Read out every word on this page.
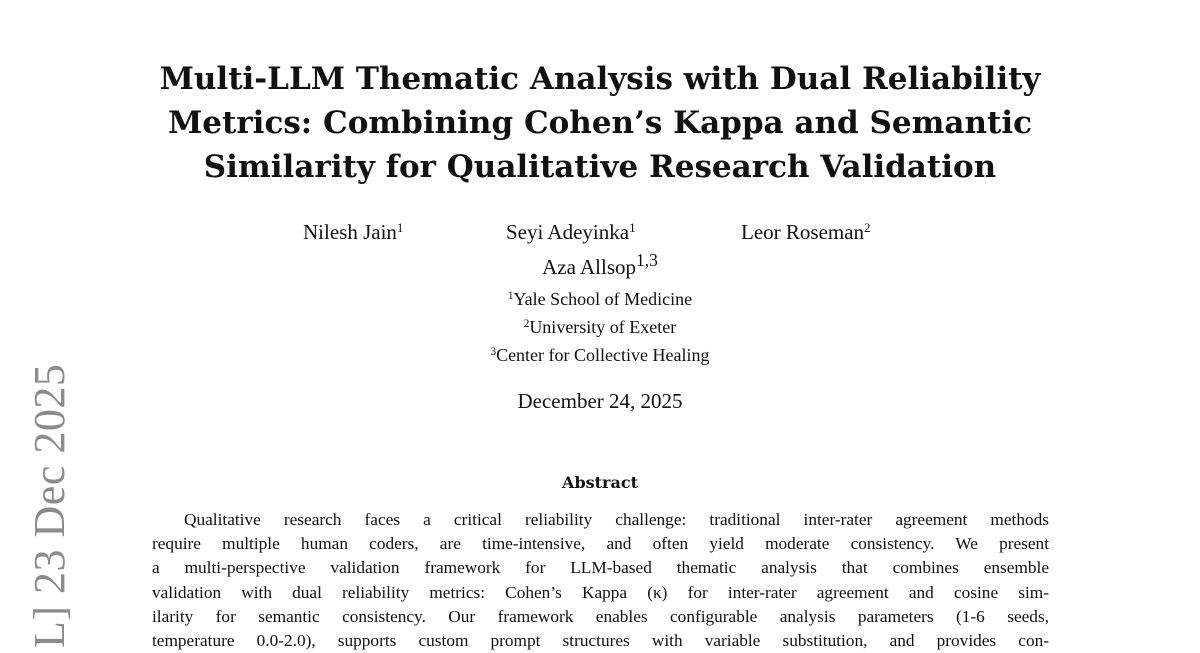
L] 23 Dec 2025
Multi-LLM Thematic Analysis with Dual Reliability
Metrics: Combining Cohen’s Kappa and Semantic
Similarity for Qualitative Research Validation
Nilesh Jain$^1$	Seyi Adeyinka$^1$	Leor Roseman$^2$
Aza Allsop$^{1,3}$
$^1$Yale School of Medicine
$^2$University of Exeter
$^3$Center for Collective Healing
December 24, 2025
Abstract
Qualitative research faces a critical reliability challenge: traditional inter-rater agreement methods
require multiple human coders, are time-intensive, and often yield moderate consistency. We present
a multi-perspective validation framework for LLM-based thematic analysis that combines ensemble
validation with dual reliability metrics: Cohen’s Kappa (κ) for inter-rater agreement and cosine sim-
ilarity for semantic consistency. Our framework enables configurable analysis parameters (1-6 seeds,
temperature 0.0-2.0), supports custom prompt structures with variable substitution, and provides con-
